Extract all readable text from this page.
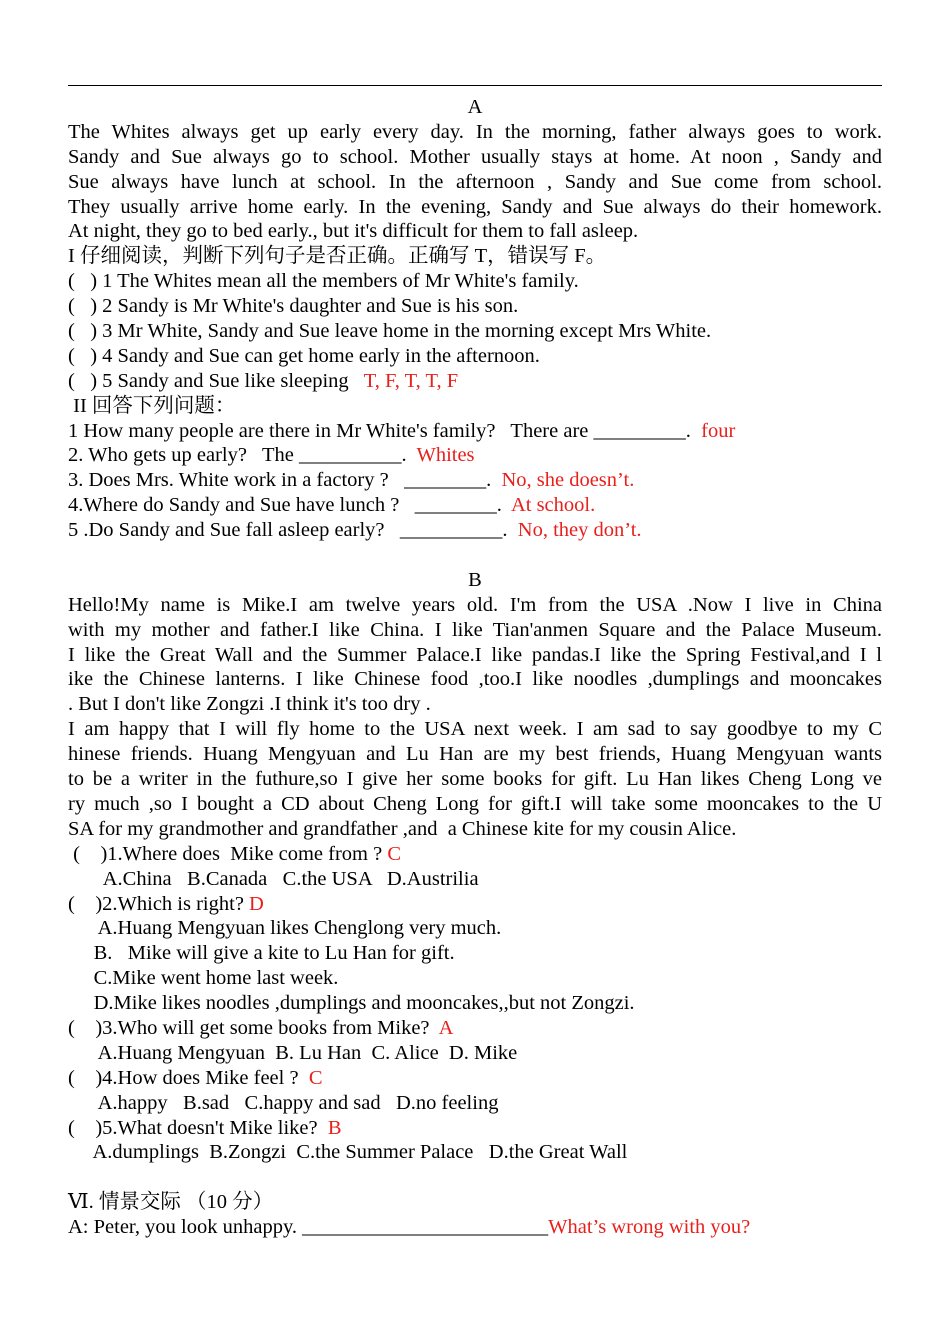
A
The Whites always get up early every day. In the morning, father always goes to work.
Sandy and Sue always go to school. Mother usually stays at home. At noon , Sandy and
Sue always have lunch at school. In the afternoon , Sandy and Sue come from school.
They usually arrive home early. In the evening, Sandy and Sue always do their homework.
At night, they go to bed early., but it's difficult for them to fall asleep.
I 仔细阅读，判断下列句子是否正确。正确写 T，错误写 F。
(   ) 1 The Whites mean all the members of Mr White's family.
(   ) 2 Sandy is Mr White's daughter and Sue is his son.
(   ) 3 Mr White, Sandy and Sue leave home in the morning except Mrs White.
(   ) 4 Sandy and Sue can get home early in the afternoon.
(   ) 5 Sandy and Sue like sleeping T, F, T, T, F
II 回答下列问题：
1 How many people are there in Mr White's family?   There are _________. four
2. Who gets up early?   The __________. Whites
3. Does Mrs. White work in a factory ?   ________. No, she doesn’t.
4.Where do Sandy and Sue have lunch ?   ________. At school.
5 .Do Sandy and Sue fall asleep early?   __________. No, they don’t.
B
Hello!My name is Mike.I am twelve years old. I'm from the USA .Now I live in China
with my mother and father.I like China. I like Tian'anmen Square and the Palace Museum.
I like the Great Wall and the Summer Palace.I like pandas.I like the Spring Festival,and I l
ike the Chinese lanterns. I like Chinese food ,too.I like noodles ,dumplings and mooncakes
. But I don't like Zongzi .I think it's too dry .
I am happy that I will fly home to the USA next week. I am sad to say goodbye to my C
hinese friends. Huang Mengyuan and Lu Han are my best friends, Huang Mengyuan wants
to be a writer in the futhure,so I give her some books for gift. Lu Han likes Cheng Long ve
ry much ,so I bought a CD about Cheng Long for gift.I will take some mooncakes to the U
SA for my grandmother and grandfather ,and  a Chinese kite for my cousin Alice.
(    )1.Where does  Mike come from ? C
A.China   B.Canada   C.the USA   D.Austrilia
(    )2.Which is right? D
A.Huang Mengyuan likes Chenglong very much.
B.   Mike will give a kite to Lu Han for gift.
C.Mike went home last week.
D.Mike likes noodles ,dumplings and mooncakes,,but not Zongzi.
(    )3.Who will get some books from Mike?  A
A.Huang Mengyuan  B. Lu Han  C. Alice  D. Mike
(    )4.How does Mike feel ?  C
A.happy   B.sad   C.happy and sad   D.no feeling
(    )5.What doesn't Mike like?  B
A.dumplings  B.Zongzi  C.the Summer Palace   D.the Great Wall
Ⅵ. 情景交际 （10 分）
A: Peter, you look unhappy. ________________________What’s wrong with you?
